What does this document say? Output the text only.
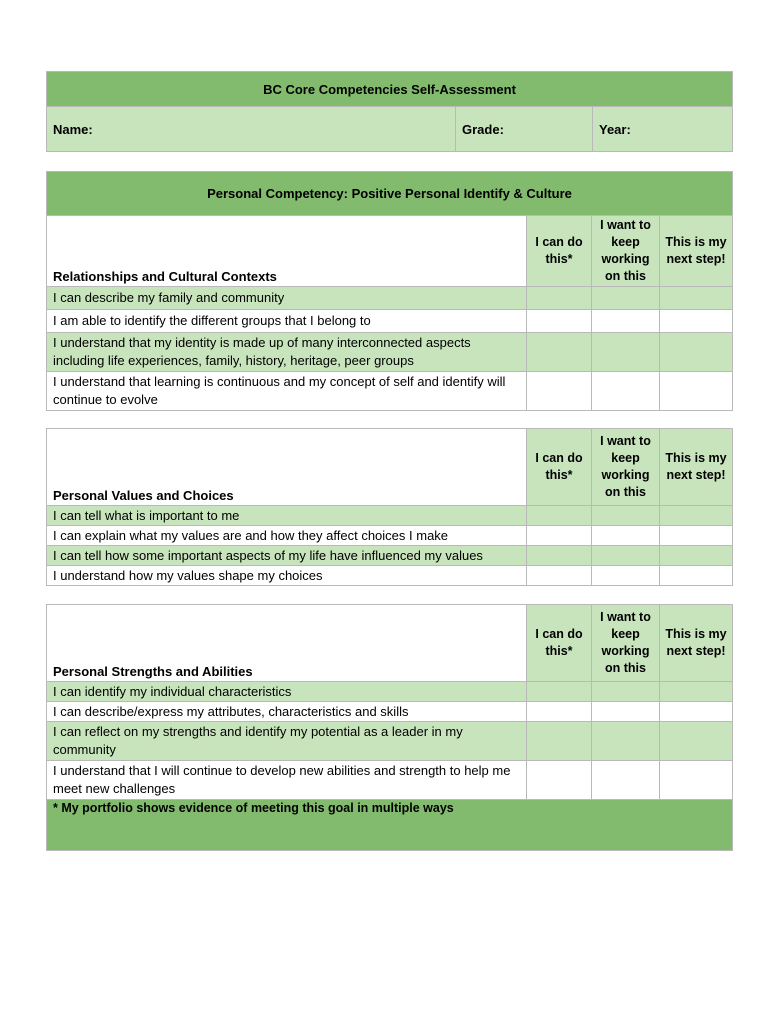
BC Core Competencies Self-Assessment
Name:	Grade:	Year:
Personal Competency: Positive Personal Identify & Culture			
Relationships and Cultural Contexts	I can do this*	I want to keep working on this	This is my next step!
I can describe my family and community			
I am able to identify the different groups that I belong to			
I understand that my identity is made up of many interconnected aspects including life experiences, family, history, heritage, peer groups			
I understand that learning is continuous and my concept of self and identify will continue to evolve			
Personal Values and Choices	I can do this*	I want to keep working on this	This is my next step!
I can tell what is important to me			
I can explain what my values are and how they affect choices I make			
I can tell how some important aspects of my life have influenced my values			
I understand how my values shape my choices			
Personal Strengths and Abilities	I can do this*	I want to keep working on this	This is my next step!
I can identify my individual characteristics			
I can describe/express my attributes, characteristics and skills			
I can reflect on my strengths and identify my potential as a leader in my community			
I understand that I will continue to develop new abilities and strength to help me meet new challenges			
* My portfolio shows evidence of meeting this goal in multiple ways			
